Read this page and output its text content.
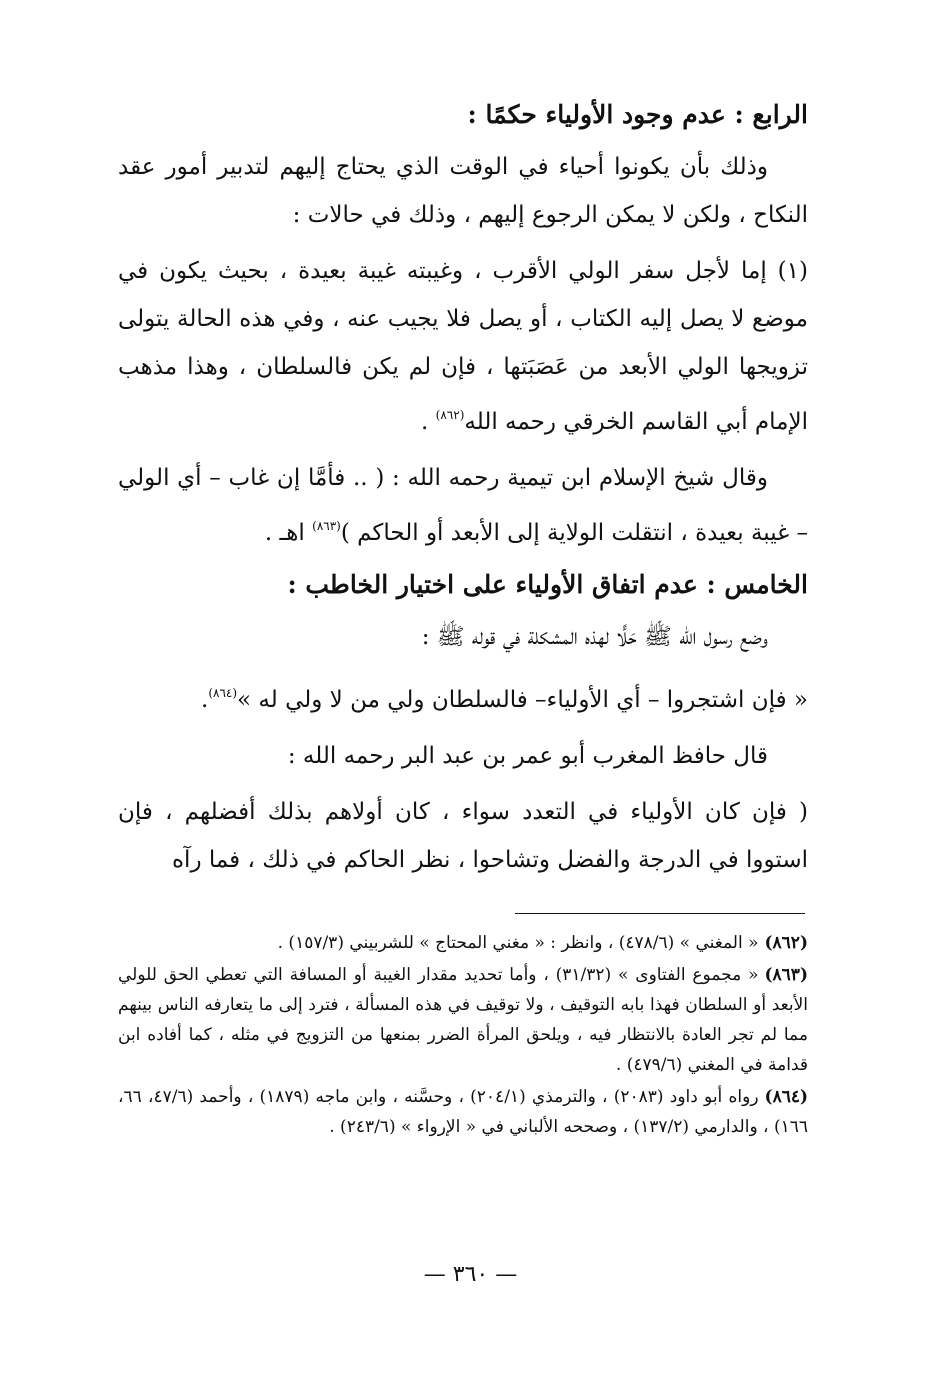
الرابع : عدم وجود الأولياء حكمًا :

وذلك بأن يكونوا أحياء في الوقت الذي يحتاج إليهم لتدبير أمور عقد النكاح ، ولكن لا يمكن الرجوع إليهم ، وذلك في حالات :

(١) إما لأجل سفر الولي الأقرب ، وغيبته غيبة بعيدة ، بحيث يكون في موضع لا يصل إليه الكتاب ، أو يصل فلا يجيب عنه ، وفي هذه الحالة يتولى تزويجها الولي الأبعد من عَصَبَتها ، فإن لم يكن فالسلطان ، وهذا مذهب الإمام أبي القاسم الخرقي رحمه الله$^{(٨٦٢)}$ .

وقال شيخ الإسلام ابن تيمية رحمه الله : ( .. فأمَّا إن غاب – أي الولي – غيبة بعيدة ، انتقلت الولاية إلى الأبعد أو الحاكم )$^{(٨٦٣)}$ اهـ .

الخامس : عدم اتفاق الأولياء على اختيار الخاطب :

وضع رسول الله ﷺ حَلًّا لهذه المشكلة في قوله ﷺ :

« فإن اشتجروا – أي الأولياء– فالسلطان ولي من لا ولي له »$^{(٨٦٤)}$.

قال حافظ المغرب أبو عمر بن عبد البر رحمه الله :

( فإن كان الأولياء في التعدد سواء ، كان أولاهم بذلك أفضلهم ، فإن استووا في الدرجة والفضل وتشاحوا ، نظر الحاكم في ذلك ، فما رآه

(٨٦٢)« المغني » (٤٧٨/٦) ، وانظر : « مغني المحتاج » للشربيني (١٥٧/٣) .

(٨٦٣)« مجموع الفتاوى » (٣١/٣٢) ، وأما تحديد مقدار الغيبة أو المسافة التي تعطي الحق للولي الأبعد أو السلطان فهذا بابه التوقيف ، ولا توقيف في هذه المسألة ، فترد إلى ما يتعارفه الناس بينهم مما لم تجر العادة بالانتظار فيه ، ويلحق المرأة الضرر بمنعها من التزويج في مثله ، كما أفاده ابن قدامة في المغني (٤٧٩/٦) .

(٨٦٤)رواه أبو داود (٢٠٨٣) ، والترمذي (٢٠٤/١) ، وحسَّنه ، وابن ماجه (١٨٧٩) ، وأحمد (٤٧/٦، ٦٦، ١٦٦) ، والدارمي (١٣٧/٢) ، وصححه الألباني في « الإرواء » (٢٤٣/٦) .

— ٣٦٠ —
